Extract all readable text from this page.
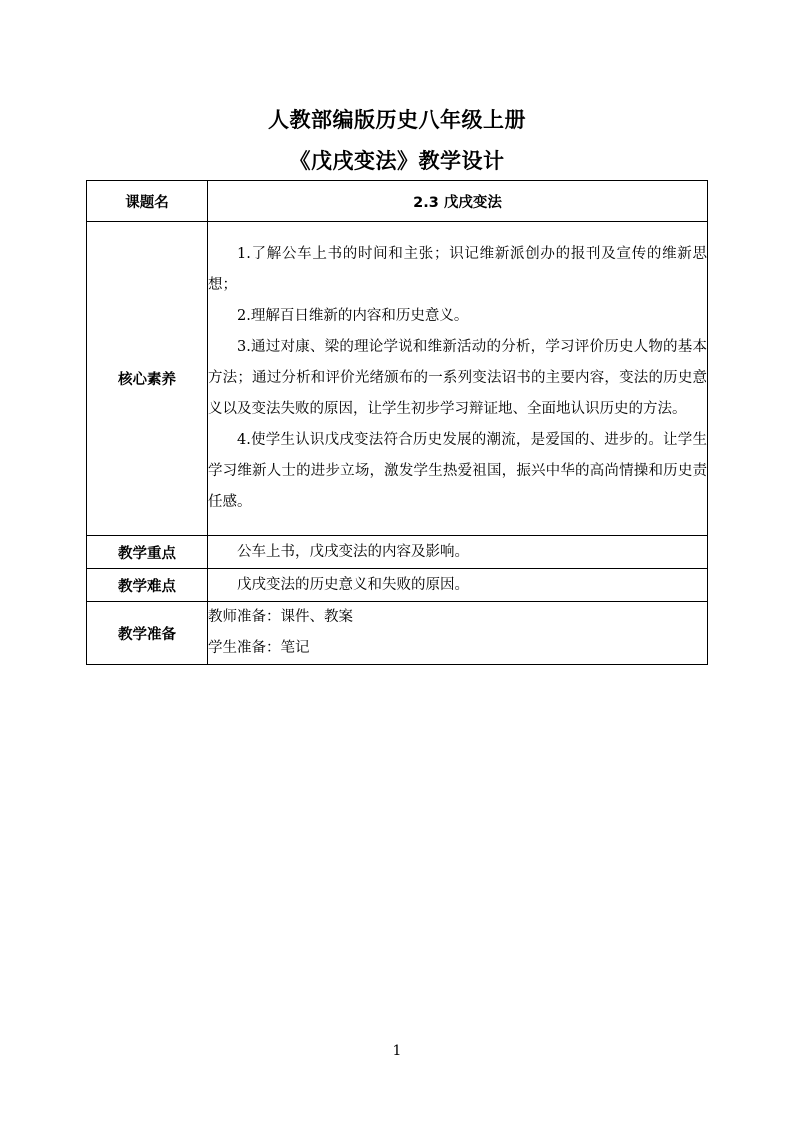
人教部编版历史八年级上册
《戊戌变法》教学设计
课题名	2.3 戊戌变法
核心素养	1.了解公车上书的时间和主张；识记维新派创办的报刊及宣传的维新思想；

2.理解百日维新的内容和历史意义。

3.通过对康、梁的理论学说和维新活动的分析，学习评价历史人物的基本方法；通过分析和评价光绪颁布的一系列变法诏书的主要内容，变法的历史意义以及变法失败的原因，让学生初步学习辩证地、全面地认识历史的方法。

4.使学生认识戊戌变法符合历史发展的潮流，是爱国的、进步的。让学生学习维新人士的进步立场，激发学生热爱祖国，振兴中华的高尚情操和历史责任感。

教学重点	公车上书，戊戌变法的内容及影响。

教学难点	戊戌变法的历史意义和失败的原因。

教学准备	教师准备：课件、教案

学生准备：笔记

1
